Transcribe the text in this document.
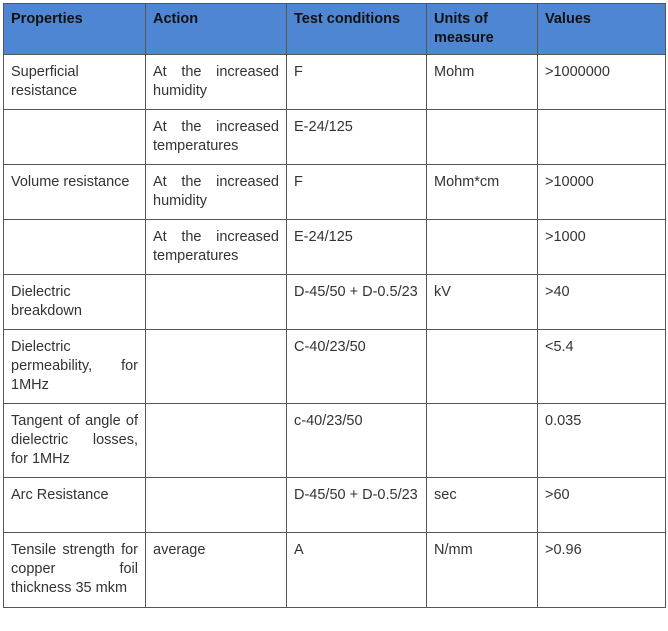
Properties	Action	Test conditions	Units of measure	Values
Superficial resistance	At the increased humidity	F	Mohm	>1000000
	At the increased temperatures	E-24/125		
Volume resistance	At the increased humidity	F	Mohm*cm	>10000
	At the increased temperatures	E-24/125		>1000
Dielectric breakdown		D-45/50 + D-0.5/23	kV	>40
Dielectric permeability, for 1MHz		C-40/23/50		<5.4
Tangent of angle of dielectric losses, for 1MHz		c-40/23/50		0.035
Arc Resistance		D-45/50 + D-0.5/23	sec	>60
Tensile strength for copper foil thickness 35 mkm	average	A	N/mm	>0.96
